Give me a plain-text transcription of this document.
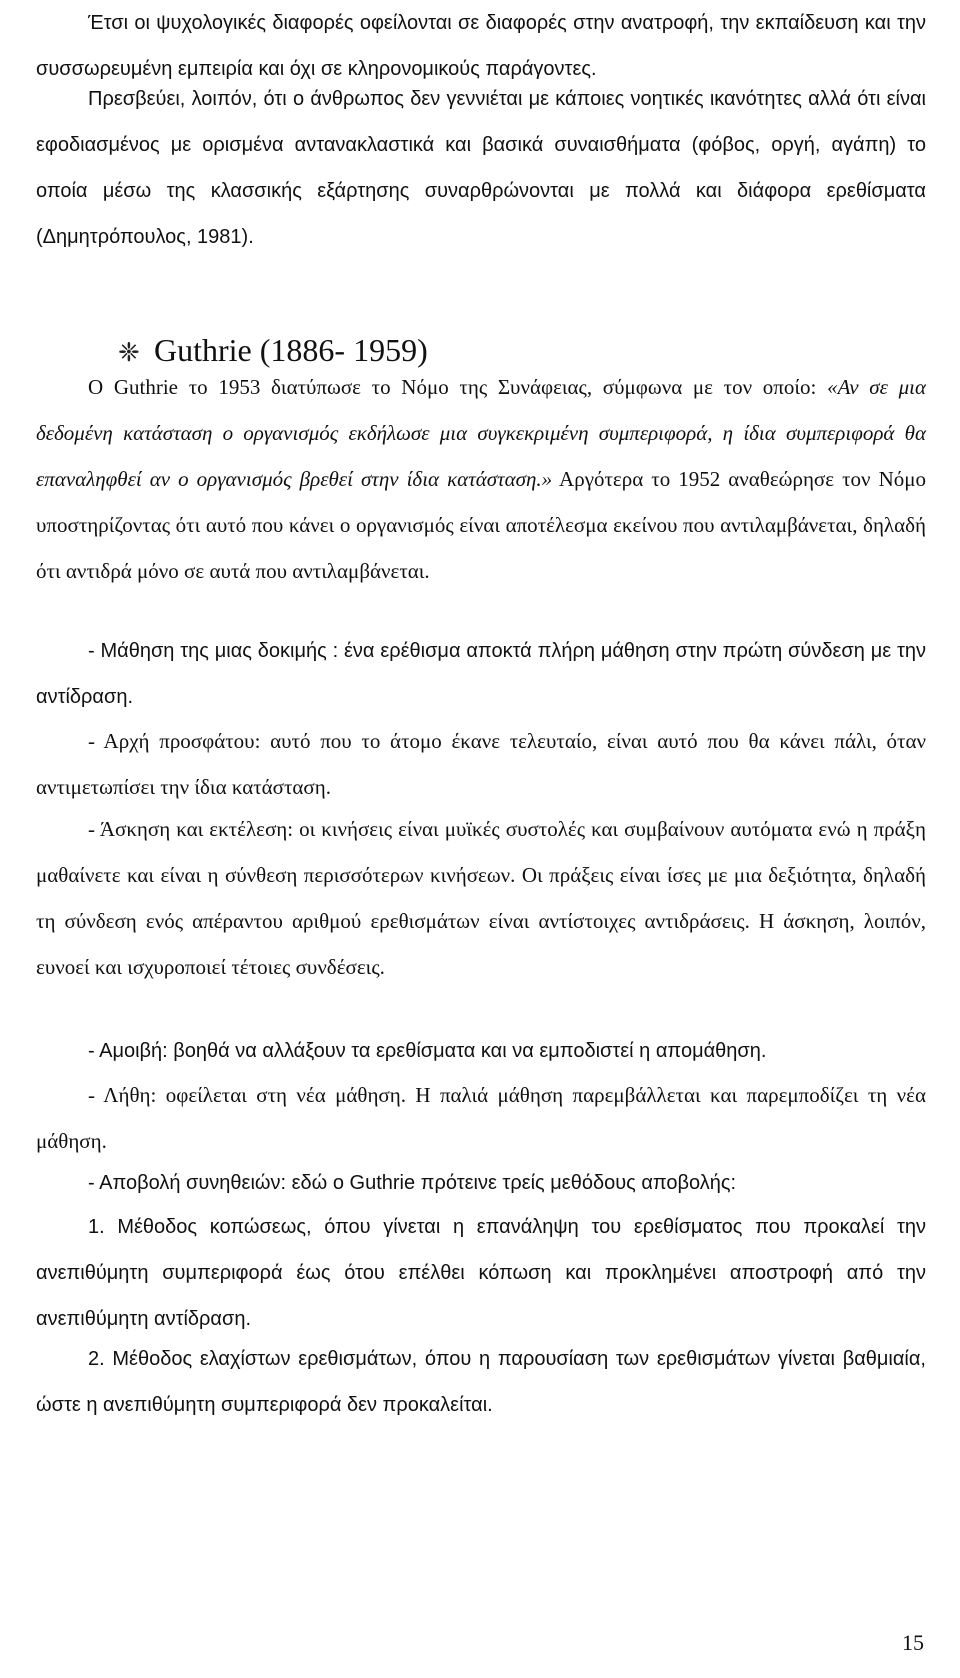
Έτσι οι ψυχολογικές διαφορές οφείλονται σε διαφορές στην ανατροφή, την εκπαίδευση και την συσσωρευμένη εμπειρία και όχι σε κληρονομικούς παράγοντες.
Πρεσβεύει, λοιπόν, ότι ο άνθρωπος δεν γεννιέται με κάποιες νοητικές ικανότητες αλλά ότι είναι εφοδιασμένος με ορισμένα αντανακλαστικά και βασικά συναισθήματα (φόβος, οργή, αγάπη) το οποία μέσω της κλασσικής εξάρτησης συναρθρώνονται με πολλά και διάφορα ερεθίσματα (Δημητρόπουλος, 1981).
❈ Guthrie (1886- 1959)
Ο Guthrie το 1953 διατύπωσε το Νόμο της Συνάφειας, σύμφωνα με τον οποίο: «Αν σε μια δεδομένη κατάσταση ο οργανισμός εκδήλωσε μια συγκεκριμένη συμπεριφορά, η ίδια συμπεριφορά θα επαναληφθεί αν ο οργανισμός βρεθεί στην ίδια κατάσταση.» Αργότερα το 1952 αναθεώρησε τον Νόμο υποστηρίζοντας ότι αυτό που κάνει ο οργανισμός είναι αποτέλεσμα εκείνου που αντιλαμβάνεται, δηλαδή ότι αντιδρά μόνο σε αυτά που αντιλαμβάνεται.
- Μάθηση της μιας δοκιμής : ένα ερέθισμα αποκτά πλήρη μάθηση στην πρώτη σύνδεση με την αντίδραση.
- Αρχή προσφάτου: αυτό που το άτομο έκανε τελευταίο, είναι αυτό που θα κάνει πάλι, όταν αντιμετωπίσει την ίδια κατάσταση.
- Άσκηση και εκτέλεση: οι κινήσεις είναι μυϊκές συστολές και συμβαίνουν αυτόματα ενώ η πράξη μαθαίνετε και είναι η σύνθεση περισσότερων κινήσεων. Οι πράξεις είναι ίσες με μια δεξιότητα, δηλαδή τη σύνδεση ενός απέραντου αριθμού ερεθισμάτων είναι αντίστοιχες αντιδράσεις. Η άσκηση, λοιπόν, ευνοεί και ισχυροποιεί τέτοιες συνδέσεις.
- Αμοιβή: βοηθά να αλλάξουν τα ερεθίσματα και να εμποδιστεί η απομάθηση.
- Λήθη: οφείλεται στη νέα μάθηση. Η παλιά μάθηση παρεμβάλλεται και παρεμποδίζει τη νέα μάθηση.
- Αποβολή συνηθειών: εδώ ο Guthrie πρότεινε τρείς μεθόδους αποβολής:
1. Μέθοδος κοπώσεως, όπου γίνεται η επανάληψη του ερεθίσματος που προκαλεί την ανεπιθύμητη συμπεριφορά έως ότου επέλθει κόπωση και προκλημένει αποστροφή από την ανεπιθύμητη αντίδραση.
2. Μέθοδος ελαχίστων ερεθισμάτων, όπου η παρουσίαση των ερεθισμάτων γίνεται βαθμιαία, ώστε η ανεπιθύμητη συμπεριφορά δεν προκαλείται.
15
